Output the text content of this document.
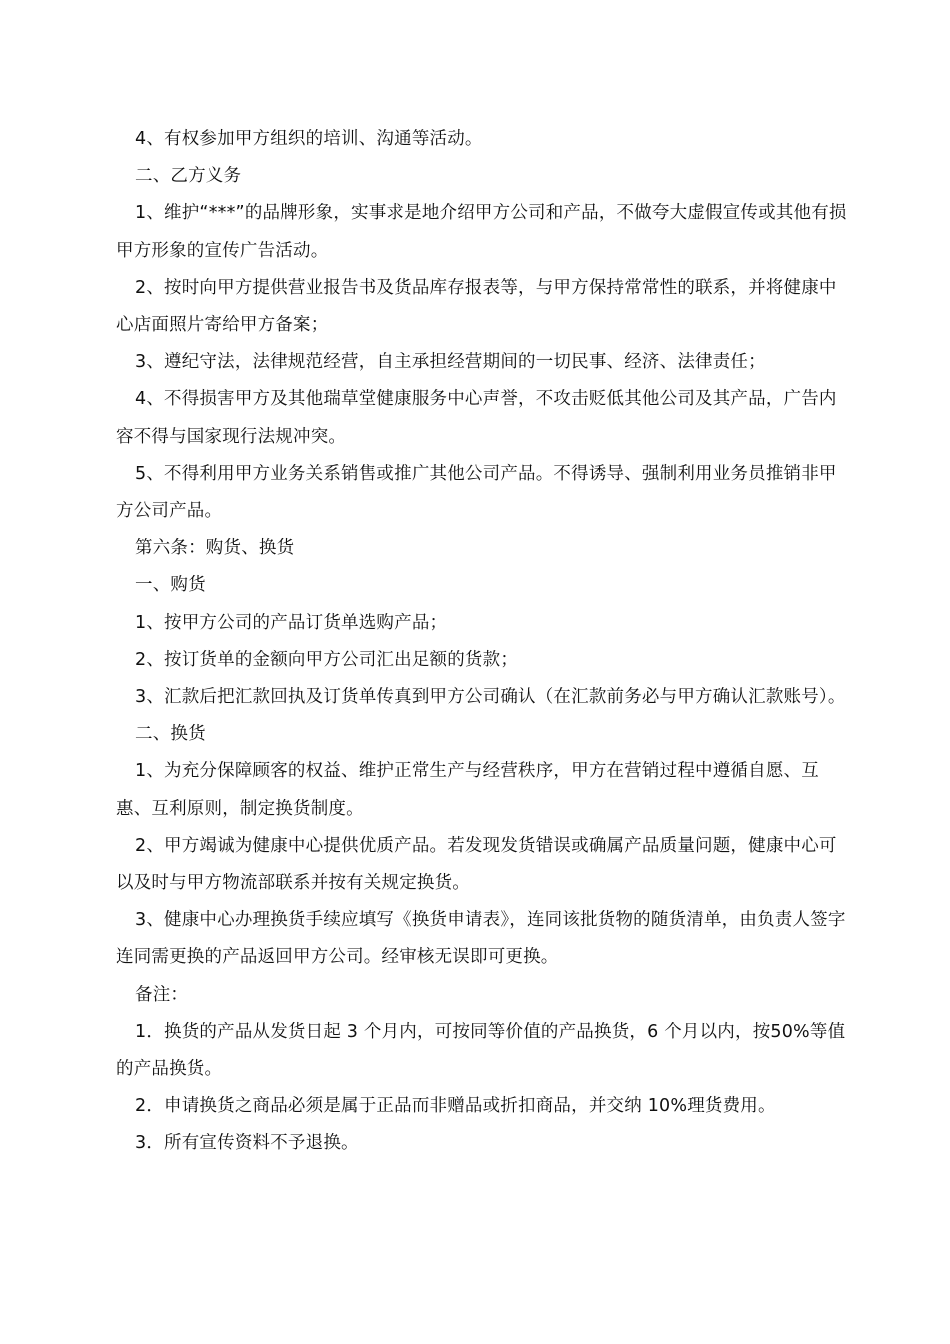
4、有权参加甲方组织的培训、沟通等活动。

二、乙方义务

1、维护“***”的品牌形象，实事求是地介绍甲方公司和产品，不做夸大虚假宣传或其他有损甲方形象的宣传广告活动。

2、按时向甲方提供营业报告书及货品库存报表等，与甲方保持常常性的联系，并将健康中心店面照片寄给甲方备案；

3、遵纪守法，法律规范经营，自主承担经营期间的一切民事、经济、法律责任；

4、不得损害甲方及其他瑞草堂健康服务中心声誉，不攻击贬低其他公司及其产品，广告内容不得与国家现行法规冲突。

5、不得利用甲方业务关系销售或推广其他公司产品。不得诱导、强制利用业务员推销非甲方公司产品。

第六条：购货、换货

一、购货

1、按甲方公司的产品订货单选购产品；

2、按订货单的金额向甲方公司汇出足额的货款；

3、汇款后把汇款回执及订货单传真到甲方公司确认（在汇款前务必与甲方确认汇款账号）。

二、换货

1、为充分保障顾客的权益、维护正常生产与经营秩序，甲方在营销过程中遵循自愿、互惠、互利原则，制定换货制度。

2、甲方竭诚为健康中心提供优质产品。若发现发货错误或确属产品质量问题，健康中心可以及时与甲方物流部联系并按有关规定换货。

3、健康中心办理换货手续应填写《换货申请表》，连同该批货物的随货清单，由负责人签字连同需更换的产品返回甲方公司。经审核无误即可更换。

备注：

1．换货的产品从发货日起 3 个月内，可按同等价值的产品换货，6 个月以内，按50%等值的产品换货。

2．申请换货之商品必须是属于正品而非赠品或折扣商品，并交纳 10%理货费用。

3．所有宣传资料不予退换。
